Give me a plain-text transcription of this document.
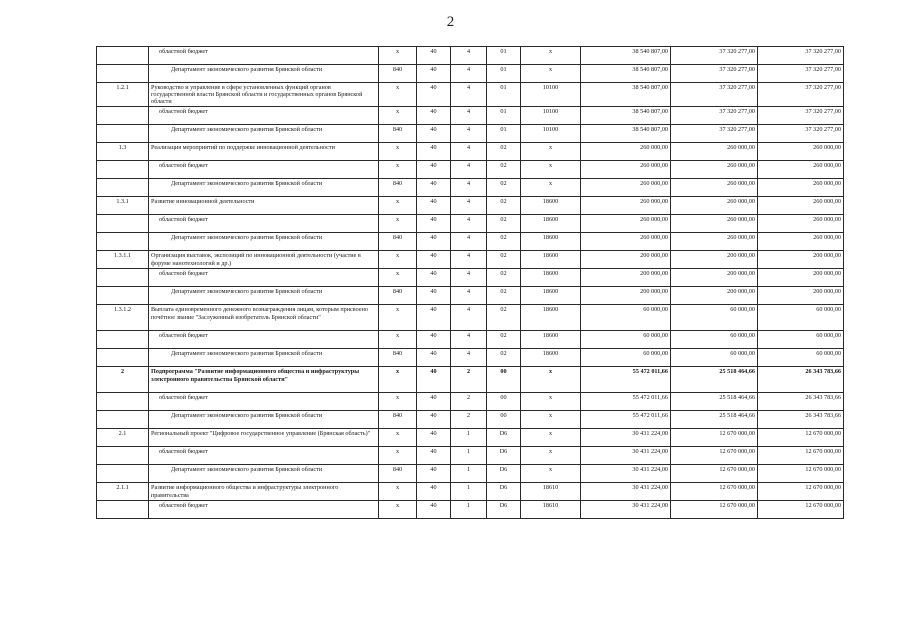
2
	областной бюджет	х	40	4	01	х	38 540 807,00	37 320 277,00	37 320 277,00
	Департамент экономического развития Брянской области	840	40	4	01	х	38 540 807,00	37 320 277,00	37 320 277,00
1.2.1	Руководство и управление в сфере установленных функций органов государственной власти Брянской области и государственных органов Брянской области	х	40	4	01	10100	38 540 807,00	37 320 277,00	37 320 277,00
	областной бюджет	х	40	4	01	10100	38 540 807,00	37 320 277,00	37 320 277,00
	Департамент экономического развития Брянской области	840	40	4	01	10100	38 540 807,00	37 320 277,00	37 320 277,00
1.3	Реализация мероприятий по поддержке инновационной деятельности	х	40	4	02	х	260 000,00	260 000,00	260 000,00
	областной бюджет	х	40	4	02	х	260 000,00	260 000,00	260 000,00
	Департамент экономического развития Брянской области	840	40	4	02	х	260 000,00	260 000,00	260 000,00
1.3.1	Развитие инновационной деятельности	х	40	4	02	18600	260 000,00	260 000,00	260 000,00
	областной бюджет	х	40	4	02	18600	260 000,00	260 000,00	260 000,00
	Департамент экономического развития Брянской области	840	40	4	02	18600	260 000,00	260 000,00	260 000,00
1.3.1.1	Организация выставок, экспозиций по инновационной деятельности (участие в форуме нанотехнологий и др.)	х	40	4	02	18600	200 000,00	200 000,00	200 000,00
	областной бюджет	х	40	4	02	18600	200 000,00	200 000,00	200 000,00
	Департамент экономического развития Брянской области	840	40	4	02	18600	200 000,00	200 000,00	200 000,00
1.3.1.2	Выплата единовременного денежного вознаграждения лицам, которым присвоено почётное звание "Заслуженный изобретатель Брянской области"	х	40	4	02	18600	60 000,00	60 000,00	60 000,00
	областной бюджет	х	40	4	02	18600	60 000,00	60 000,00	60 000,00
	Департамент экономического развития Брянской области	840	40	4	02	18600	60 000,00	60 000,00	60 000,00
2	Подпрограмма "Развитие информационного общества и инфраструктуры электронного правительства Брянской области"	х	40	2	00	х	55 472 011,66	25 518 464,66	26 343 783,66
	областной бюджет	х	40	2	00	х	55 472 011,66	25 518 464,66	26 343 783,66
	Департамент экономического развития Брянской области	840	40	2	00	х	55 472 011,66	25 518 464,66	26 343 783,66
2.1	Региональный проект "Цифровое государственное управление (Брянская область)"	х	40	1	D6	х	30 431 224,00	12 670 000,00	12 670 000,00
	областной бюджет	х	40	1	D6	х	30 431 224,00	12 670 000,00	12 670 000,00
	Департамент экономического развития Брянской области	840	40	1	D6	х	30 431 224,00	12 670 000,00	12 670 000,00
2.1.1	Развитие информационного общества и инфраструктуры электронного правительства	х	40	1	D6	18610	30 431 224,00	12 670 000,00	12 670 000,00
	областной бюджет	х	40	1	D6	18610	30 431 224,00	12 670 000,00	12 670 000,00
